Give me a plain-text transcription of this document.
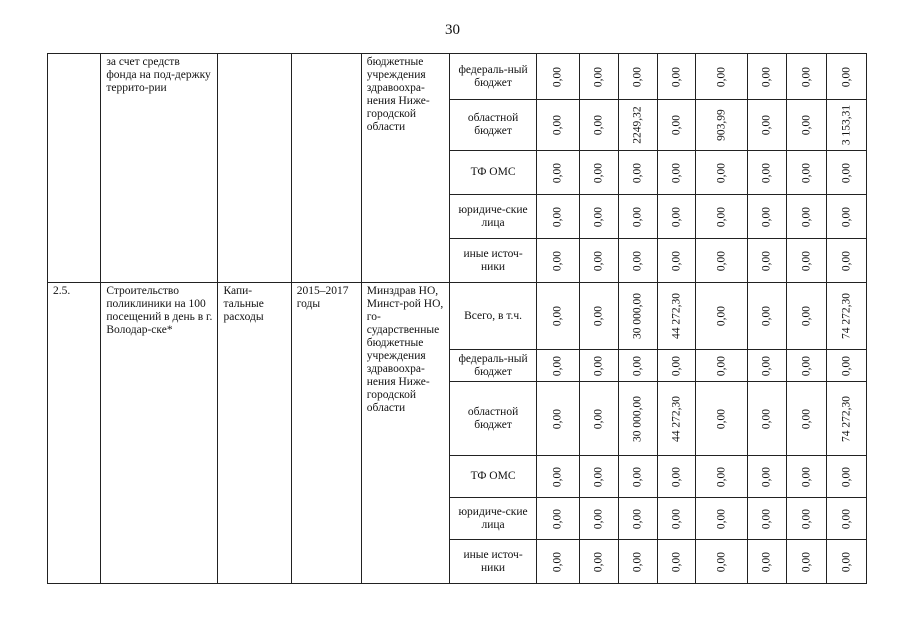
30
	за счет средств фонда на под-держку террито-рии			бюджетные учреждения здравоохра-нения Ниже-городской области	федераль-ный бюджет	0,00	0,00	0,00	0,00	0,00	0,00	0,00	0,00

					областной бюджет	0,00	0,00	2249,32	0,00	903,99	0,00	0,00	3 153,31

					ТФ ОМС	0,00	0,00	0,00	0,00	0,00	0,00	0,00	0,00

					юридиче-ские лица	0,00	0,00	0,00	0,00	0,00	0,00	0,00	0,00

					иные источ-ники	0,00	0,00	0,00	0,00	0,00	0,00	0,00	0,00

2.5.	Строительство поликлиники на 100 посещений в день в г. Володар-ске*	Капи-тальные расходы	2015–2017 годы	Минздрав НО, Минст-рой НО, го-сударственные бюджетные учреждения здравоохра-нения Ниже-городской области	Всего, в т.ч.	0,00	0,00	30 000,00	44 272,30	0,00	0,00	0,00	74 272,30

					федераль-ный бюджет	0,00	0,00	0,00	0,00	0,00	0,00	0,00	0,00

					областной бюджет	0,00	0,00	30 000,00	44 272,30	0,00	0,00	0,00	74 272,30

					ТФ ОМС	0,00	0,00	0,00	0,00	0,00	0,00	0,00	0,00

					юридиче-ские лица	0,00	0,00	0,00	0,00	0,00	0,00	0,00	0,00

					иные источ-ники	0,00	0,00	0,00	0,00	0,00	0,00	0,00	0,00
